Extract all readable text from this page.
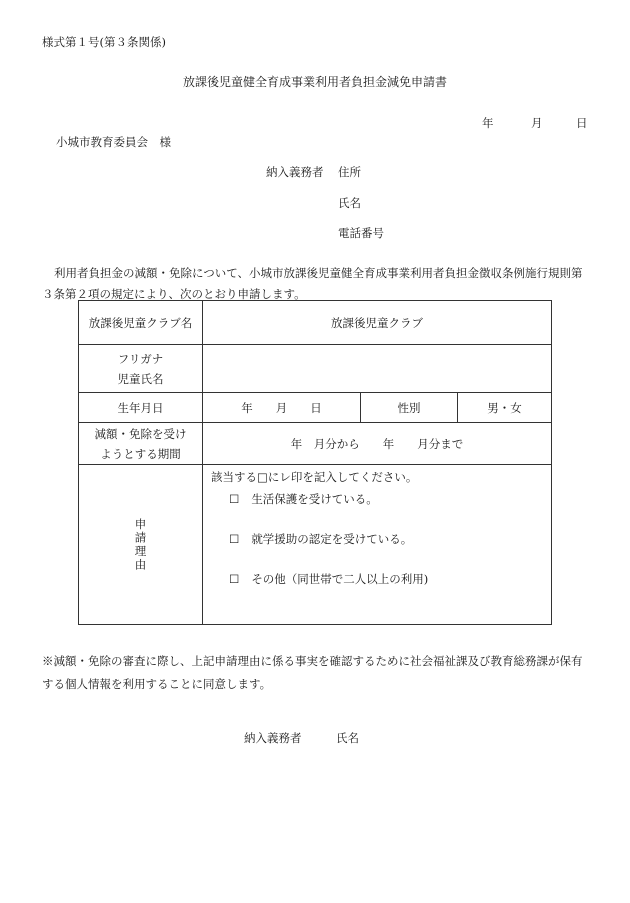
様式第１号(第３条関係)
放課後児童健全育成事業利用者負担金減免申請書
年	月	日
小城市教育委員会　様
納入義務者 住所
氏名
電話番号
利用者負担金の減額・免除について、小城市放課後児童健全育成事業利用者負担金徴収条例施行規則第３条第２項の規定により、次のとおり申請します。
放課後児童クラブ名	放課後児童クラブ		

フリガナ
児童氏名			

生年月日	年　　月　　日	性別	男・女

減額・免除を受け
ようとする期間	年　月分から　　年　　月分まで		

申請理由	該当する□にレ印を記入してください。
☐ 生活保護を受けている。
☐ 就学援助の認定を受けている。
☐ その他（同世帯で二人以上の利用)		
※減額・免除の審査に際し、上記申請理由に係る事実を確認するために社会福祉課及び教育総務課が保有する個人情報を利用することに同意します。
納入義務者	氏名
